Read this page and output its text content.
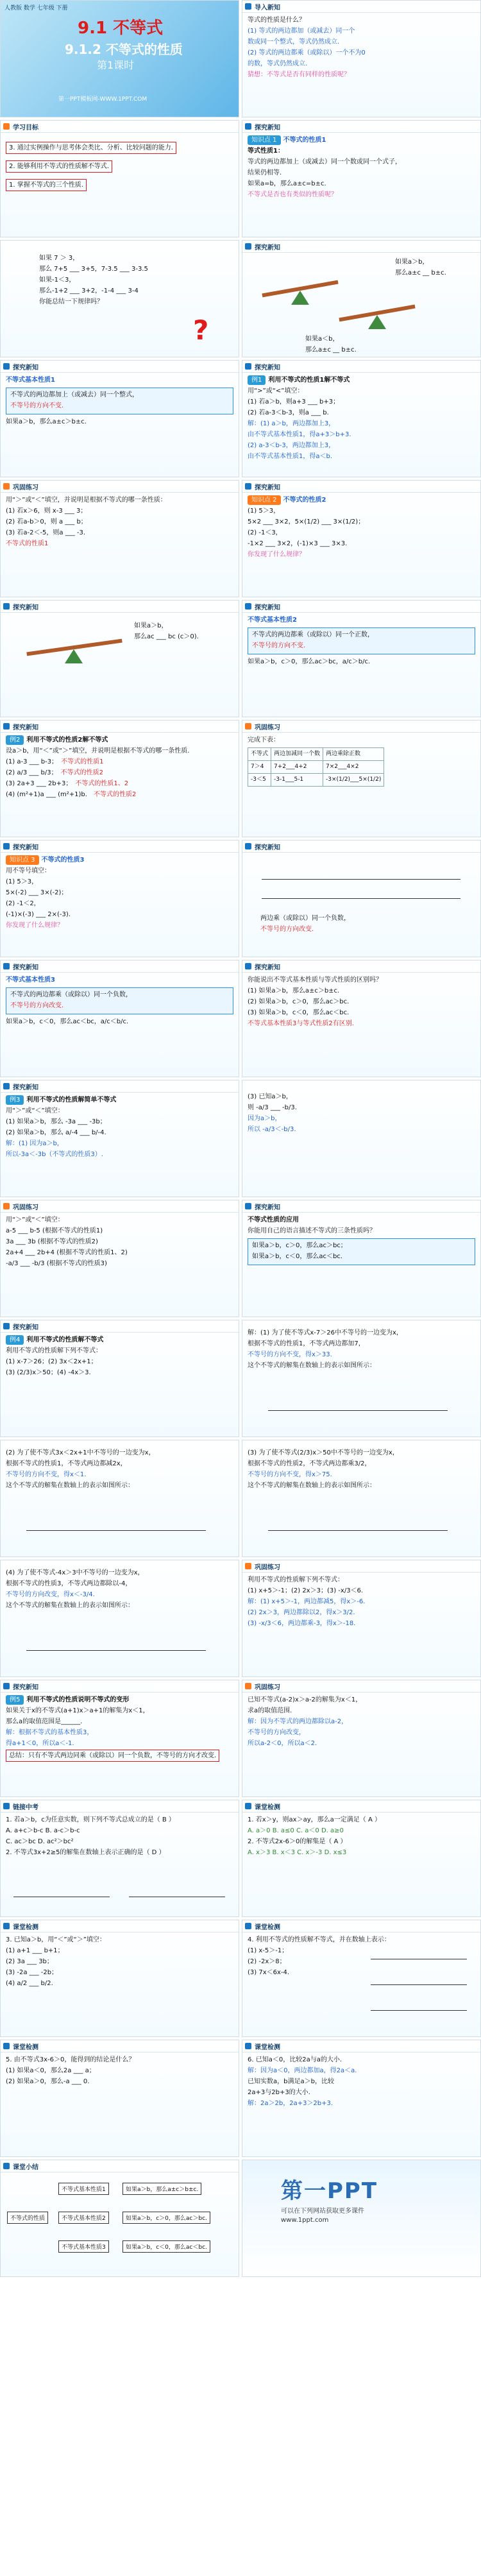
人教版 数学 七年级 下册
9.1 不等式
9.1.2 不等式的性质
第1课时
第一PPT模板网-WWW.1PPT.COM
导入新知

等式的性质是什么？

(1) 等式的两边都加（或减去）同一个

数或同一个整式，等式仍然成立.

(2) 等式的两边都乘（或除以）一个不为0

的数，等式仍然成立.

猜想：不等式是否有同样的性质呢？

学习目标

3. 通过实例操作与思考体会类比、分析、比较问题的能力.

2. 能够利用不等式的性质解不等式.

1. 掌握不等式的三个性质.

探究新知

知识点 1 不等式的性质1

等式性质1：

等式的两边都加上（或减去）同一个数或同一个式子，

结果仍相等.

如果a=b，那么a±c=b±c.

不等式是否也有类似的性质呢？

如果 7 ＞ 3，

那么 7+5 ___ 3+5，7-3.5 ___ 3-3.5

如果-1＜3，

那么-1+2 ___ 3+2，-1-4 ___ 3-4

你能总结一下规律吗？

?
探究新知

如果a＞b，

那么a±c __ b±c.

如果a＜b，

那么a±c __ b±c.

探究新知

不等式基本性质1

不等式的两边都加上（或减去）同一个整式，

不等号的方向不变.

如果a＞b，那么a±c＞b±c.

探究新知

例1 利用不等式的性质1解不等式

用“>”或“<”填空：

(1) 若a＞b，则a+3 ___ b+3；

(2) 若a-3＜b-3，则a ___ b.

解：(1) a＞b，两边都加上3，

由不等式基本性质1，得a+3＞b+3.

(2) a-3＜b-3，两边都加上3，

由不等式基本性质1，得a＜b.

巩固练习

用“＞”或“＜”填空，并说明是根据不等式的哪一条性质：

(1) 若x＞6，则 x-3 ___ 3；

(2) 若a-b＞0，则 a ___ b；

(3) 若a-2＜-5，则a ___ -3.

不等式的性质1

探究新知

知识点 2 不等式的性质2

(1) 5＞3，

5×2 ___ 3×2，5×(1/2) ___ 3×(1/2)；

(2) -1＜3，

-1×2 ___ 3×2，(-1)×3 ___ 3×3.

你发现了什么规律？

探究新知

如果a＞b，

那么ac ___ bc (c＞0).

探究新知

不等式基本性质2

不等式的两边都乘（或除以）同一个正数，

不等号的方向不变.

如果a＞b，c＞0，那么ac＞bc，a/c＞b/c.

探究新知

例2 利用不等式的性质2解不等式

设a＞b，用“＜”或“＞”填空，并说明是根据不等式的哪一条性质.

(1) a-3 ___ b-3；　 不等式的性质1

(2) a/3 ___ b/3；　 不等式的性质2

(3) 2a+3 ___ 2b+3；　 不等式的性质1、2

(4) (m²+1)a ___ (m²+1)b.　 不等式的性质2

巩固练习

完成下表：

不等式	两边加减同一个数	两边乘除正数
7＞4	7+2___4+2	7×2___4×2
-3＜5	-3-1___5-1	-3×(1/2)___5×(1/2)
探究新知

知识点 3 不等式的性质3

用不等号填空：

(1) 5＞3，

5×(-2) ___ 3×(-2)；

(2) -1＜2，

(-1)×(-3) ___ 2×(-3).

你发现了什么规律？

探究新知

两边乘（或除以）同一个负数，

不等号的方向改变.

探究新知

不等式基本性质3

不等式的两边都乘（或除以）同一个负数，

不等号的方向改变.

如果a＞b，c＜0，那么ac＜bc，a/c＜b/c.

探究新知

你能说出不等式基本性质与等式性质的区别吗？

(1) 如果a＞b，那么a±c＞b±c.

(2) 如果a＞b，c＞0，那么ac＞bc.

(3) 如果a＞b，c＜0，那么ac＜bc.

不等式基本性质3与等式性质2有区别.

探究新知

例3 利用不等式的性质解简单不等式

用“＞”或“＜”填空：

(1) 如果a＞b，那么 -3a ___ -3b；

(2) 如果a＞b，那么 a/-4 ___ b/-4.

解：(1) 因为a＞b，

所以-3a＜-3b（不等式的性质3）.

(3) 已知a＞b，

则 -a/3 ___ -b/3.

因为a＞b，

所以 -a/3＜-b/3.

巩固练习

用“＞”或“＜”填空：

a-5 ___ b-5 (根据不等式的性质1)

3a ___ 3b (根据不等式的性质2)

2a+4 ___ 2b+4 (根据不等式的性质1、2)

-a/3 ___ -b/3 (根据不等式的性质3)

探究新知

不等式性质的应用

你能用自己的语言描述不等式的三条性质吗？

如果a＞b，c＞0，那么ac＞bc；

如果a＞b，c＜0，那么ac＜bc.

探究新知

例4 利用不等式的性质解不等式

利用不等式的性质解下列不等式：

(1) x-7＞26；(2) 3x＜2x+1；

(3) (2/3)x＞50；(4) -4x＞3.

解：(1) 为了使不等式x-7＞26中不等号的一边变为x，

根据不等式的性质1，不等式两边都加7，

不等号的方向不变，得x＞33.

这个不等式的解集在数轴上的表示如图所示：

(2) 为了使不等式3x＜2x+1中不等号的一边变为x，

根据不等式的性质1，不等式两边都减2x，

不等号的方向不变，得x＜1.

这个不等式的解集在数轴上的表示如图所示：

(3) 为了使不等式(2/3)x＞50中不等号的一边变为x，

根据不等式的性质2，不等式两边都乘3/2，

不等号的方向不变，得x＞75.

这个不等式的解集在数轴上的表示如图所示：

(4) 为了使不等式-4x＞3中不等号的一边变为x，

根据不等式的性质3，不等式两边都除以-4，

不等号的方向改变，得x＜-3/4.

这个不等式的解集在数轴上的表示如图所示：

巩固练习

利用不等式的性质解下列不等式：

(1) x+5＞-1；(2) 2x＞3；(3) -x/3＜6.

解：(1) x+5＞-1，两边都减5，得x＞-6.

(2) 2x＞3，两边都除以2，得x＞3/2.

(3) -x/3＜6，两边都乘-3，得x＞-18.

探究新知

例5 利用不等式的性质说明不等式的变形

如果关于x的不等式(a+1)x＞a+1的解集为x＜1，

那么a的取值范围是______.

解：根据不等式的基本性质3，

得a+1＜0，所以a＜-1.

总结：只有不等式两边同乘（或除以）同一个负数，不等号的方向才改变.

巩固练习

已知不等式(a-2)x＞a-2的解集为x＜1，

求a的取值范围.

解：因为不等式的两边都除以a-2，

不等号的方向改变，

所以a-2＜0，所以a＜2.

链接中考

1. 若a＞b，c为任意实数，则下列不等式总成立的是（ B ）

A. a+c＞b-c B. a-c＞b-c

C. ac＞bc D. ac²＞bc²

2. 不等式3x+2≥5的解集在数轴上表示正确的是（ D ）

课堂检测

1. 若x＞y，则ax＞ay，那么a一定满足（ A ）

A. a＞0 B. a≤0 C. a＜0 D. a≥0

2. 不等式2x-6＞0的解集是（ A ）

A. x＞3 B. x＜3 C. x＞-3 D. x≤3

课堂检测

3. 已知a＞b，用“＜”或“＞”填空：

(1) a+1 ___ b+1；

(2) 3a ___ 3b；

(3) -2a ___ -2b；

(4) a/2 ___ b/2.

课堂检测

4. 利用不等式的性质解不等式，并在数轴上表示：

(1) x-5＞-1；

(2) -2x＞8；

(3) 7x＜6x-4.

课堂检测

5. 由不等式3x-6＞0，能得到的结论是什么？

(1) 如果a＜0，那么2a ___ a；

(2) 如果a＞0，那么-a ___ 0.

课堂检测

6. 已知a＜0，比较2a与a的大小.

解：因为a＜0，两边都加a，得2a＜a.

已知实数a，b满足a＞b，比较

2a+3与2b+3的大小.

解：2a＞2b，2a+3＞2b+3.

课堂小结
不等式的性质
不等式基本性质1
不等式基本性质2
不等式基本性质3
如果a＞b，那么a±c＞b±c.
如果a＞b，c＞0，那么ac＞bc.
如果a＞b，c＜0，那么ac＜bc.
第一PPT
可以在下列网站获取更多课件
www.1ppt.com
